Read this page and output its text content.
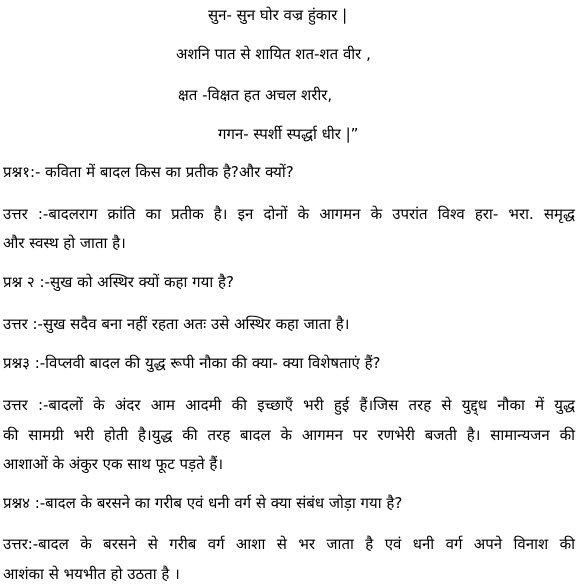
सुन- सुन घोर वज्र हुंकार |
अशनि पात से शायित शत-शत वीर ,
क्षत -विक्षत हत अचल शरीर,
गगन- स्पर्शी स्पर्द्धा धीर |”
प्रश्न१:- कविता में बादल किस का प्रतीक है?और क्यों?
उत्तर :-बादलराग क्रांति का प्रतीक है। इन दोनों के आगमन के उपरांत विश्व हरा- भरा. समृद्ध
और स्वस्थ हो जाता है।
प्रश्न २ :-सुख को अस्थिर क्यों कहा गया है?
उत्तर :-सुख सदैव बना नहीं रहता अतः उसे अस्थिर कहा जाता है।
प्रश्न३ :-विप्लवी बादल की युद्ध रूपी नौका की क्या- क्या विशेषताएं हैं?
उत्तर :-बादलों के अंदर आम आदमी की इच्छाएँ भरी हुई हैं।जिस तरह से युद्द्ध नौका में युद्ध
की सामग्री भरी होती है।युद्ध की तरह बादल के आगमन पर रणभेरी बजती है। सामान्यजन की
आशाओं के अंकुर एक साथ फूट पड़ते हैं।
प्रश्न४ :-बादल के बरसने का गरीब एवं धनी वर्ग से क्या संबंध जोड़ा गया है?
उत्तर:-बादल के बरसने से गरीब वर्ग आशा से भर जाता है एवं धनी वर्ग अपने विनाश की
आशंका से भयभीत हो उठता है ।
